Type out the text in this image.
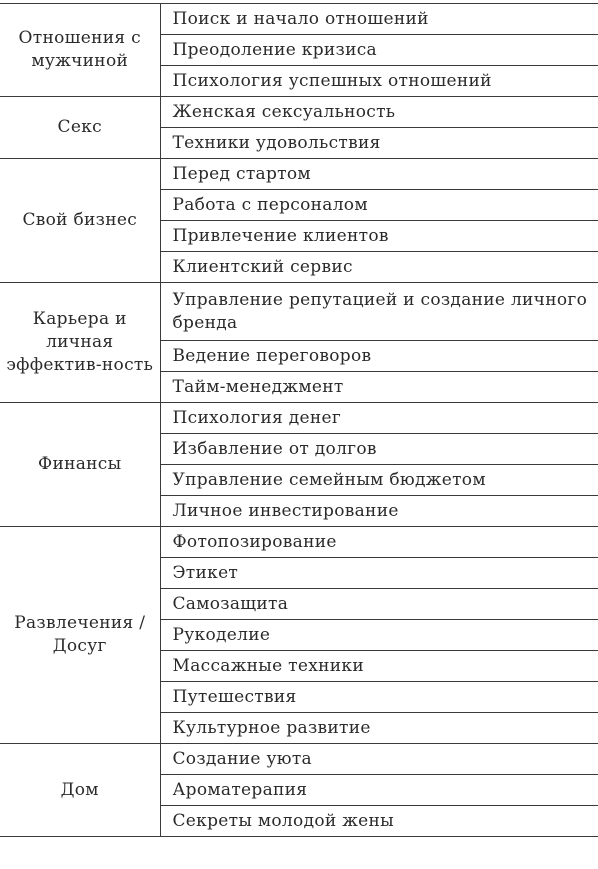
Отношения с мужчиной	Поиск и начало отношений
	Преодоление кризиса
	Психология успешных отношений

Секс	Женская сексуальность
	Техники удовольствия

Свой бизнес	Перед стартом
	Работа с персоналом
	Привлечение клиентов
	Клиентский сервис

Карьера и личная эффектив-ность	Управление репутацией и создание личного бренда
	Ведение переговоров
	Тайм-менеджмент

Финансы	Психология денег
	Избавление от долгов
	Управление семейным бюджетом
	Личное инвестирование

Развлечения / Досуг	Фотопозирование
	Этикет
	Самозащита
	Рукоделие
	Массажные техники
	Путешествия
	Культурное развитие

Дом	Создание уюта
	Ароматерапия
	Секреты молодой жены
